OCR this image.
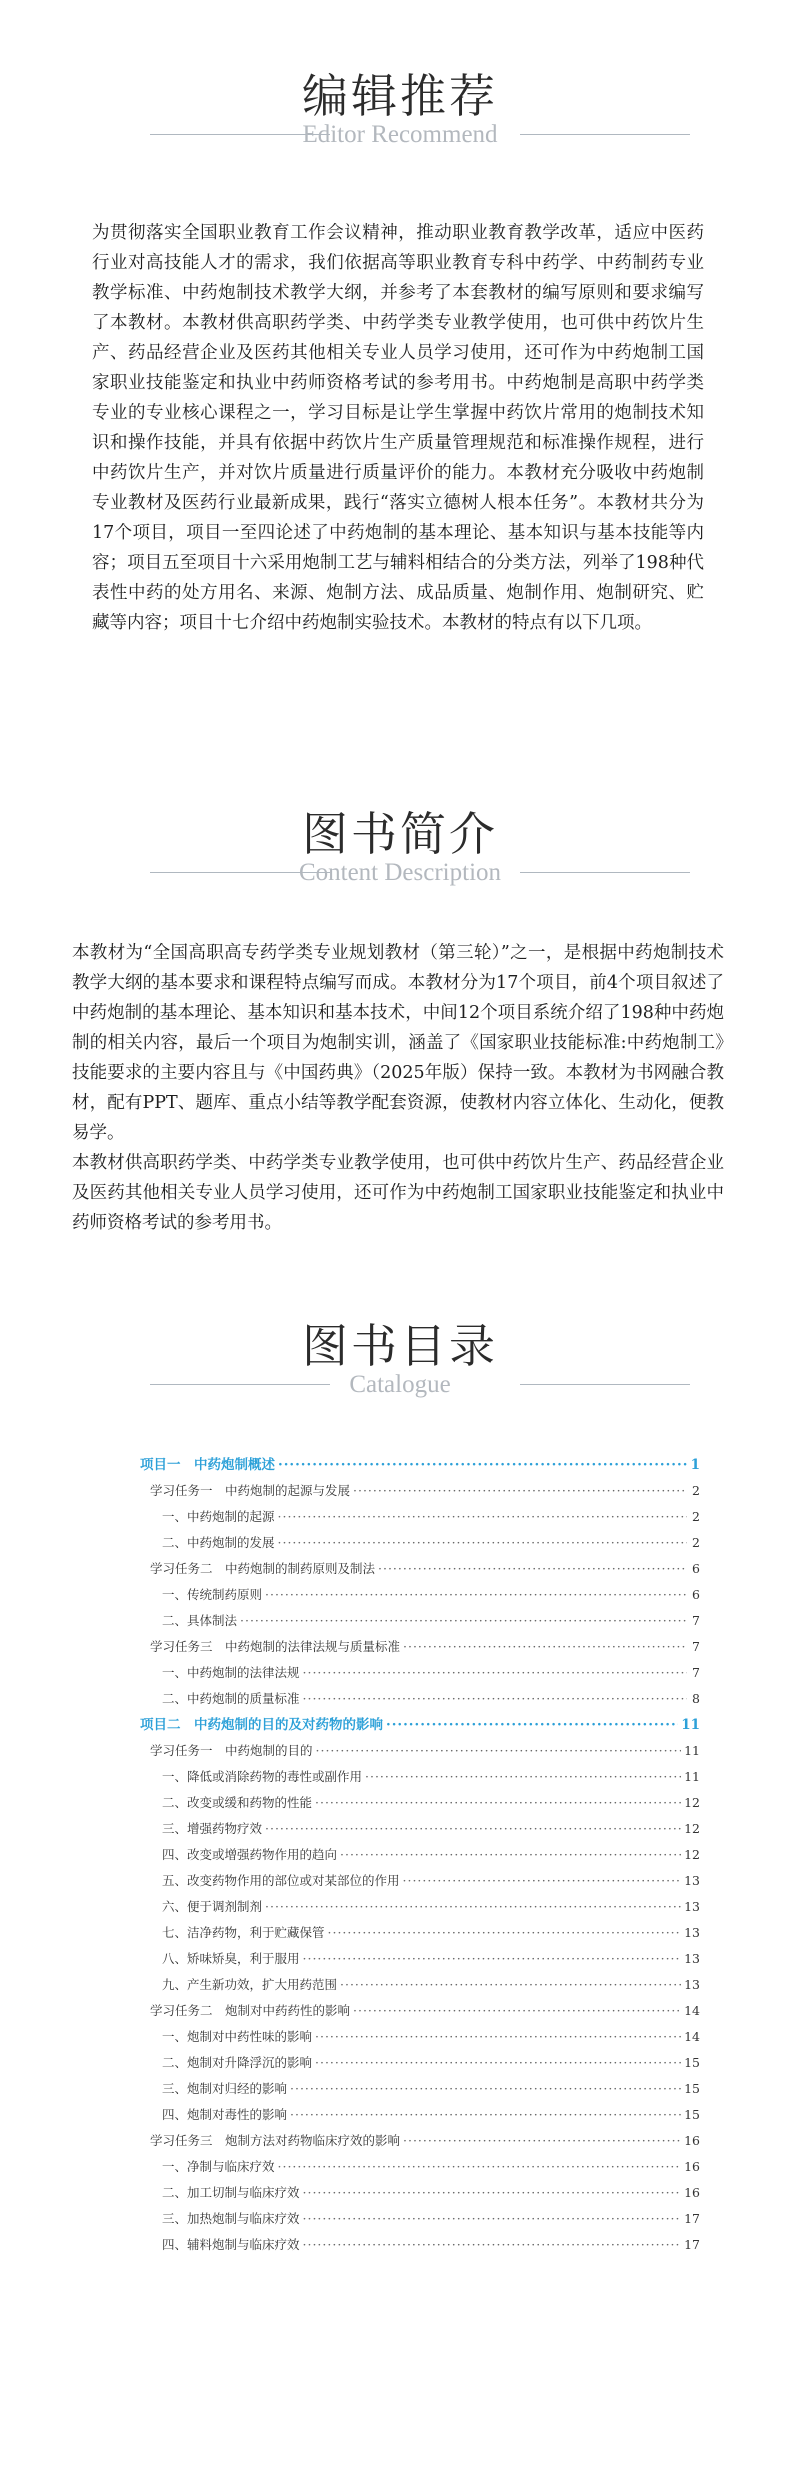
编辑推荐
Editor Recommend

为贯彻落实全国职业教育工作会议精神，推动职业教育教学改革，适应中医药行业对高技能人才的需求，我们依据高等职业教育专科中药学、中药制药专业教学标准、中药炮制技术教学大纲，并参考了本套教材的编写原则和要求编写了本教材。本教材供高职药学类、中药学类专业教学使用，也可供中药饮片生产、药品经营企业及医药其他相关专业人员学习使用，还可作为中药炮制工国家职业技能鉴定和执业中药师资格考试的参考用书。中药炮制是高职中药学类专业的专业核心课程之一，学习目标是让学生掌握中药饮片常用的炮制技术知识和操作技能，并具有依据中药饮片生产质量管理规范和标准操作规程，进行中药饮片生产，并对饮片质量进行质量评价的能力。本教材充分吸收中药炮制专业教材及医药行业最新成果，践行“落实立德树人根本任务”。本教材共分为17个项目，项目一至四论述了中药炮制的基本理论、基本知识与基本技能等内容；项目五至项目十六采用炮制工艺与辅料相结合的分类方法，列举了198种代表性中药的处方用名、来源、炮制方法、成品质量、炮制作用、炮制研究、贮藏等内容；项目十七介绍中药炮制实验技术。本教材的特点有以下几项。

图书简介
Content Description

本教材为“全国高职高专药学类专业规划教材（第三轮）”之一，是根据中药炮制技术教学大纲的基本要求和课程特点编写而成。本教材分为17个项目，前4个项目叙述了中药炮制的基本理论、基本知识和基本技术，中间12个项目系统介绍了198种中药炮制的相关内容，最后一个项目为炮制实训，涵盖了《国家职业技能标准:中药炮制工》技能要求的主要内容且与《中国药典》（2025年版）保持一致。本教材为书网融合教材，配有PPT、题库、重点小结等教学配套资源，使教材内容立体化、生动化，便教易学。

本教材供高职药学类、中药学类专业教学使用，也可供中药饮片生产、药品经营企业及医药其他相关专业人员学习使用，还可作为中药炮制工国家职业技能鉴定和执业中药师资格考试的参考用书。

图书目录
Catalogue
项目一　中药炮制概述 ·····	1
学习任务一　中药炮制的起源与发展 ·····	2
一、中药炮制的起源 ·····	2
二、中药炮制的发展 ·····	2
学习任务二　中药炮制的制药原则及制法 ·····	6
一、传统制药原则 ·····	6
二、具体制法 ·····	7
学习任务三　中药炮制的法律法规与质量标准 ·····	7
一、中药炮制的法律法规 ·····	7
二、中药炮制的质量标准 ·····	8
项目二　中药炮制的目的及对药物的影响 ·····	11
学习任务一　中药炮制的目的 ·····	11
一、降低或消除药物的毒性或副作用 ·····	11
二、改变或缓和药物的性能 ·····	12
三、增强药物疗效 ·····	12
四、改变或增强药物作用的趋向 ·····	12
五、改变药物作用的部位或对某部位的作用 ·····	13
六、便于调剂制剂 ·····	13
七、洁净药物，利于贮藏保管 ·····	13
八、矫味矫臭，利于服用 ·····	13
九、产生新功效，扩大用药范围 ·····	13
学习任务二　炮制对中药药性的影响 ·····	14
一、炮制对中药性味的影响 ·····	14
二、炮制对升降浮沉的影响 ·····	15
三、炮制对归经的影响 ·····	15
四、炮制对毒性的影响 ·····	15
学习任务三　炮制方法对药物临床疗效的影响 ·····	16
一、净制与临床疗效 ·····	16
二、加工切制与临床疗效 ·····	16
三、加热炮制与临床疗效 ·····	17
四、辅料炮制与临床疗效 ·····	17
